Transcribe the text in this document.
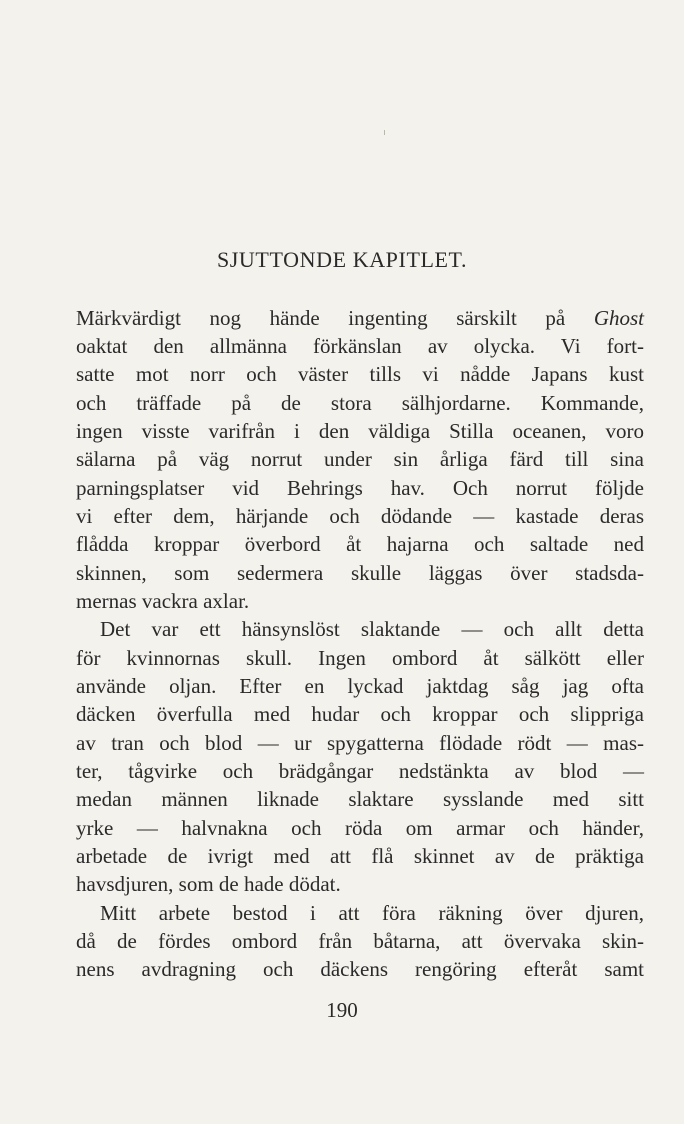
SJUTTONDE KAPITLET.
Märkvärdigt nog hände ingenting särskilt på Ghost
oaktat den allmänna förkänslan av olycka. Vi fort-
satte mot norr och väster tills vi nådde Japans kust
och träffade på de stora sälhjordarne. Kommande,
ingen visste varifrån i den väldiga Stilla oceanen, voro
sälarna på väg norrut under sin årliga färd till sina
parningsplatser vid Behrings hav. Och norrut följde
vi efter dem, härjande och dödande — kastade deras
flådda kroppar överbord åt hajarna och saltade ned
skinnen, som sedermera skulle läggas över stadsda-
mernas vackra axlar.
Det var ett hänsynslöst slaktande — och allt detta
för kvinnornas skull. Ingen ombord åt sälkött eller
använde oljan. Efter en lyckad jaktdag såg jag ofta
däcken överfulla med hudar och kroppar och slippriga
av tran och blod — ur spygatterna flödade rödt — mas-
ter, tågvirke och brädgångar nedstänkta av blod —
medan männen liknade slaktare sysslande med sitt
yrke — halvnakna och röda om armar och händer,
arbetade de ivrigt med att flå skinnet av de präktiga
havsdjuren, som de hade dödat.
Mitt arbete bestod i att föra räkning över djuren,
då de fördes ombord från båtarna, att övervaka skin-
nens avdragning och däckens rengöring efteråt samt
190
